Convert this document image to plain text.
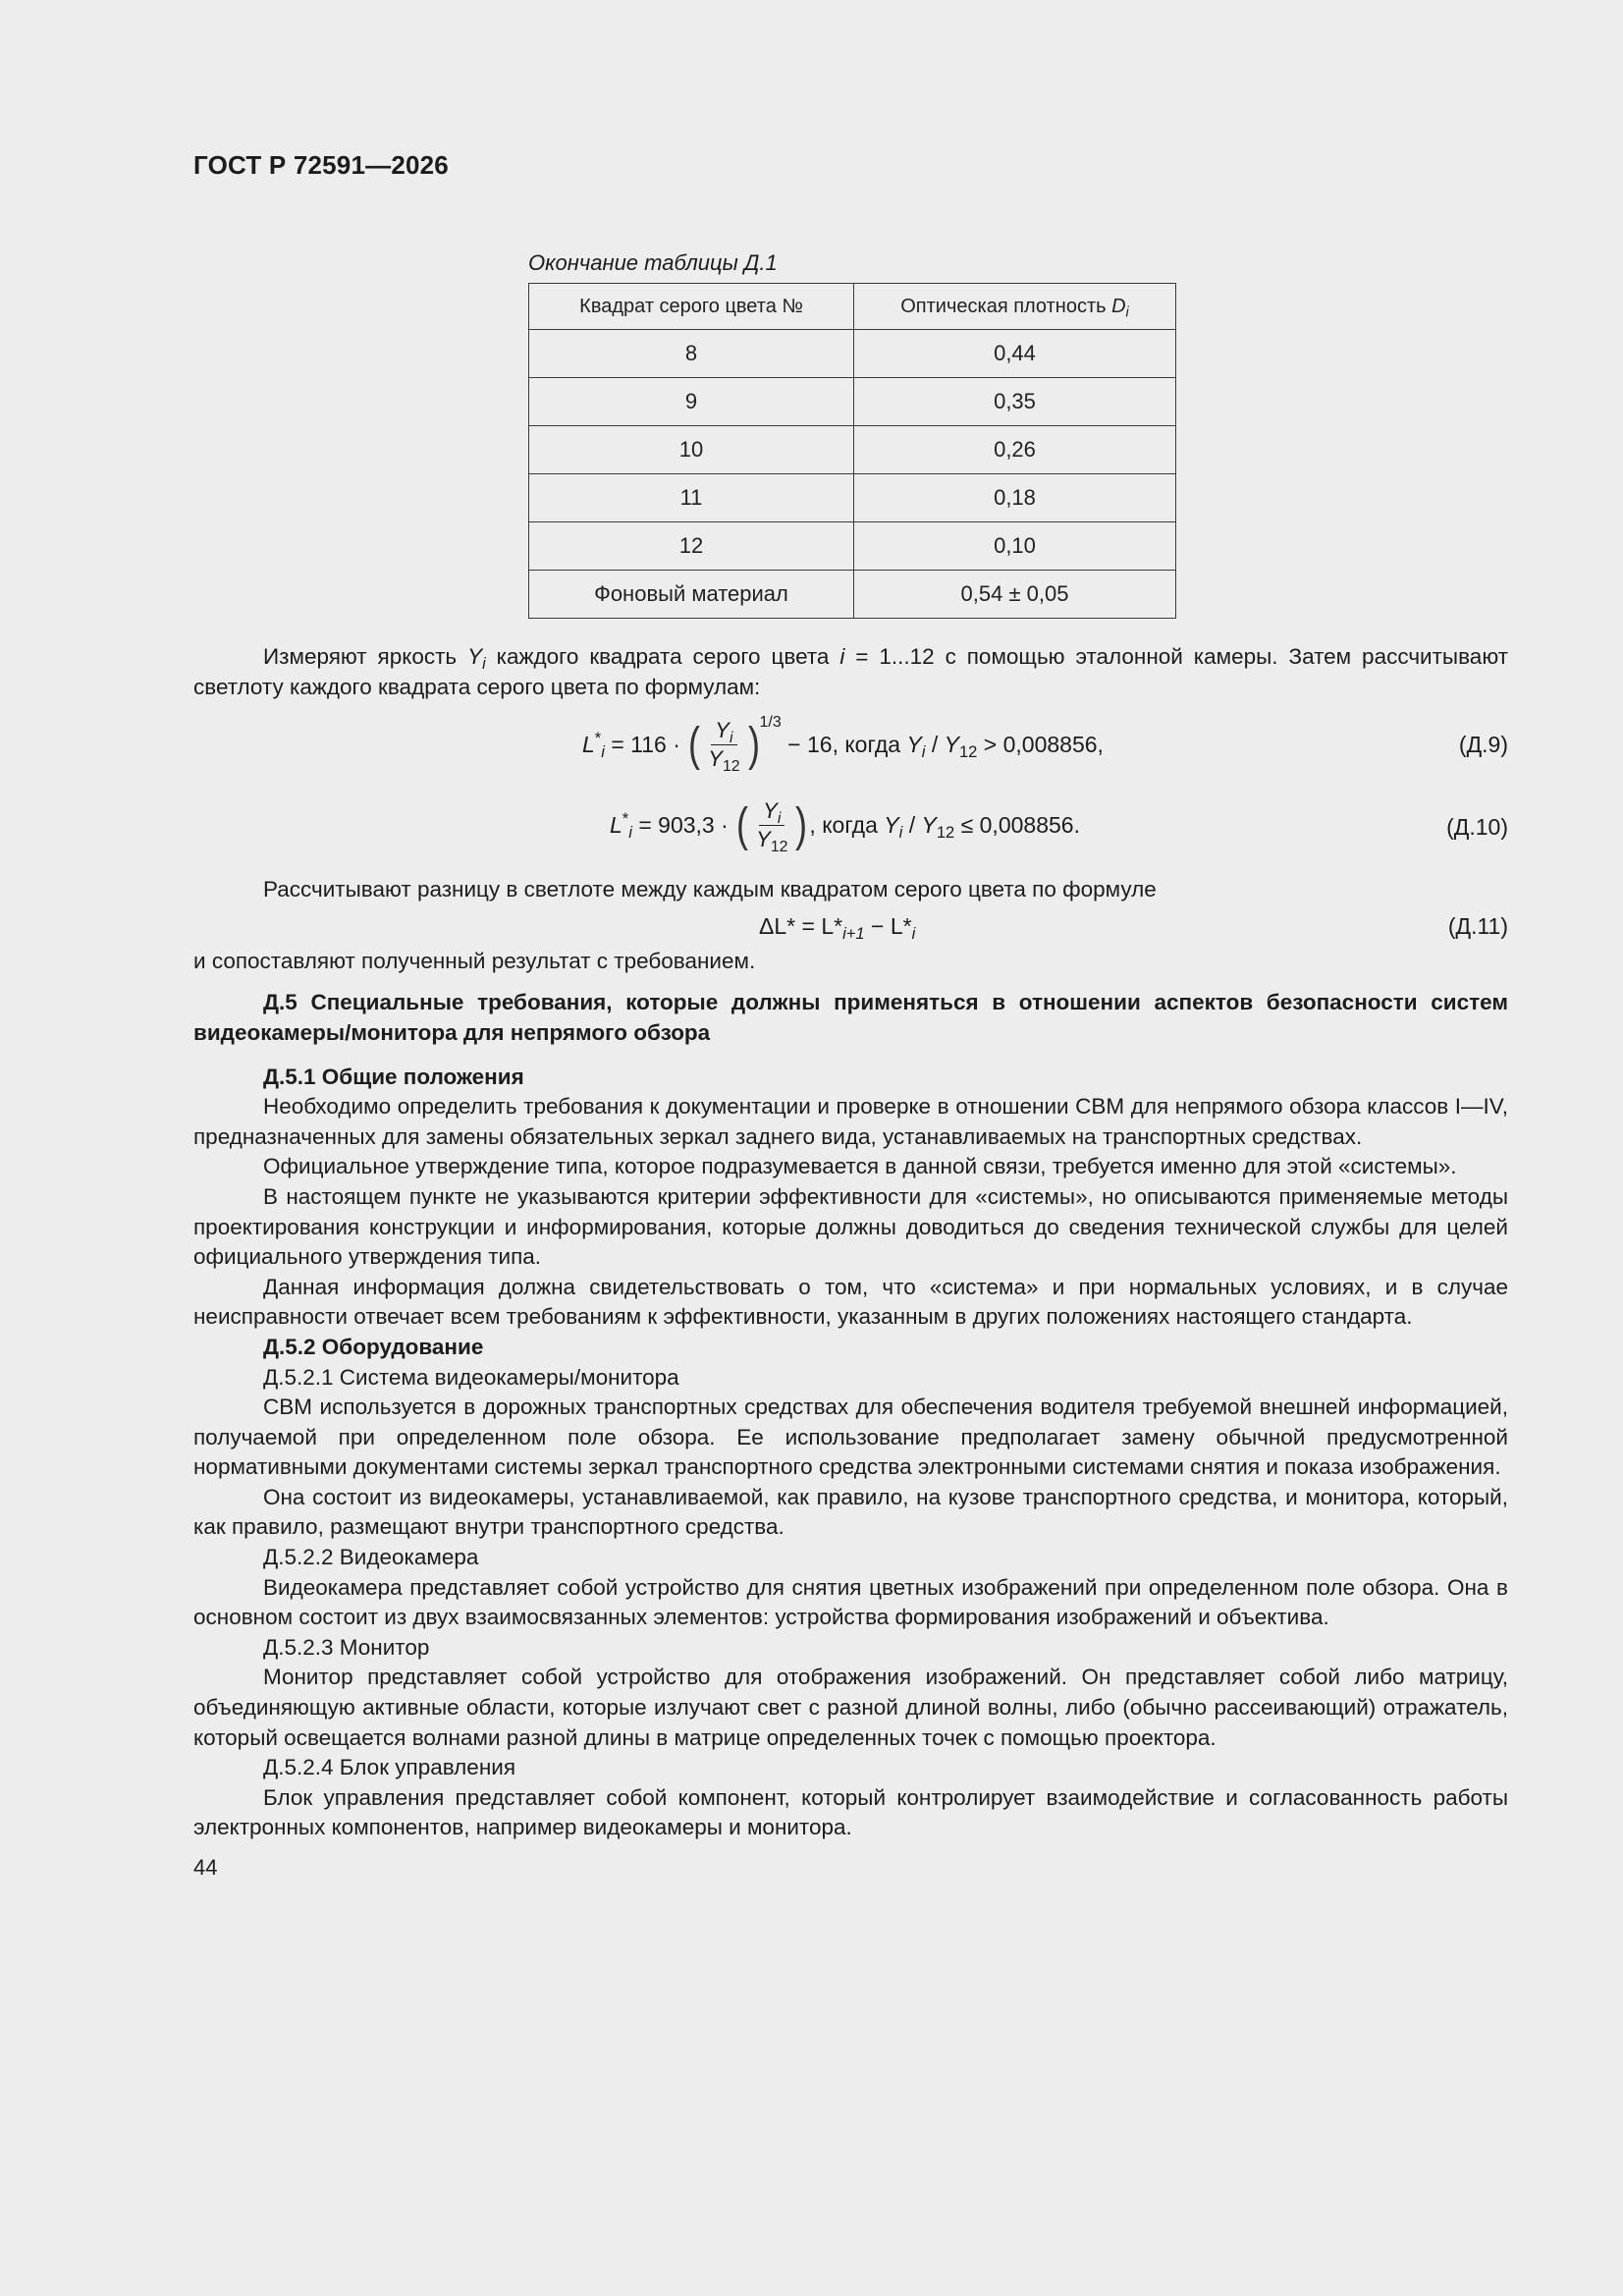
ГОСТ Р 72591—2026
Окончание таблицы Д.1
Квадрат серого цвета №	Оптическая плотность $D_i$
8	0,44
9	0,35
10	0,26
11	0,18
12	0,10
Фоновый материал	0,54 ± 0,05

Измеряют яркость $Y_i$ каждого квадрата серого цвета i = 1...12 с помощью эталонной камеры. Затем рассчитывают светлоту каждого квадрата серого цвета по формулам:

$L^*_i = 116$ · ( $\frac{Y_i}{Y_{12}}$ ) 1/3
− 16, когда $Y_i / Y_{12} > 0,008856$,	(Д.9)
$L^*_i = 903,3$ · ( $\frac{Y_i}{Y_{12}}$ ) , когда $Y_i / Y_{12} \le 0,008856$.	(Д.10)

Рассчитывают разницу в светлоте между каждым квадратом серого цвета по формуле

$\Delta L* = L*_{i+1} - L*_i$	(Д.11)

и сопоставляют полученный результат с требованием.

Д.5 Специальные требования, которые должны применяться в отношении аспектов безопасности систем видеокамеры/монитора для непрямого обзора

Д.5.1 Общие положения

Необходимо определить требования к документации и проверке в отношении СВМ для непрямого обзора классов I—IV, предназначенных для замены обязательных зеркал заднего вида, устанавливаемых на транспортных средствах.

Официальное утверждение типа, которое подразумевается в данной связи, требуется именно для этой «системы».

В настоящем пункте не указываются критерии эффективности для «системы», но описываются применяемые методы проектирования конструкции и информирования, которые должны доводиться до сведения технической службы для целей официального утверждения типа.

Данная информация должна свидетельствовать о том, что «система» и при нормальных условиях, и в случае неисправности отвечает всем требованиям к эффективности, указанным в других положениях настоящего стандарта.

Д.5.2 Оборудование

Д.5.2.1 Система видеокамеры/монитора

СВМ используется в дорожных транспортных средствах для обеспечения водителя требуемой внешней информацией, получаемой при определенном поле обзора. Ее использование предполагает замену обычной предусмотренной нормативными документами системы зеркал транспортного средства электронными системами снятия и показа изображения.

Она состоит из видеокамеры, устанавливаемой, как правило, на кузове транспортного средства, и монитора, который, как правило, размещают внутри транспортного средства.

Д.5.2.2 Видеокамера

Видеокамера представляет собой устройство для снятия цветных изображений при определенном поле обзора. Она в основном состоит из двух взаимосвязанных элементов: устройства формирования изображений и объектива.

Д.5.2.3 Монитор

Монитор представляет собой устройство для отображения изображений. Он представляет собой либо матрицу, объединяющую активные области, которые излучают свет с разной длиной волны, либо (обычно рассеивающий) отражатель, который освещается волнами разной длины в матрице определенных точек с помощью проектора.

Д.5.2.4 Блок управления

Блок управления представляет собой компонент, который контролирует взаимодействие и согласованность работы электронных компонентов, например видеокамеры и монитора.

44
